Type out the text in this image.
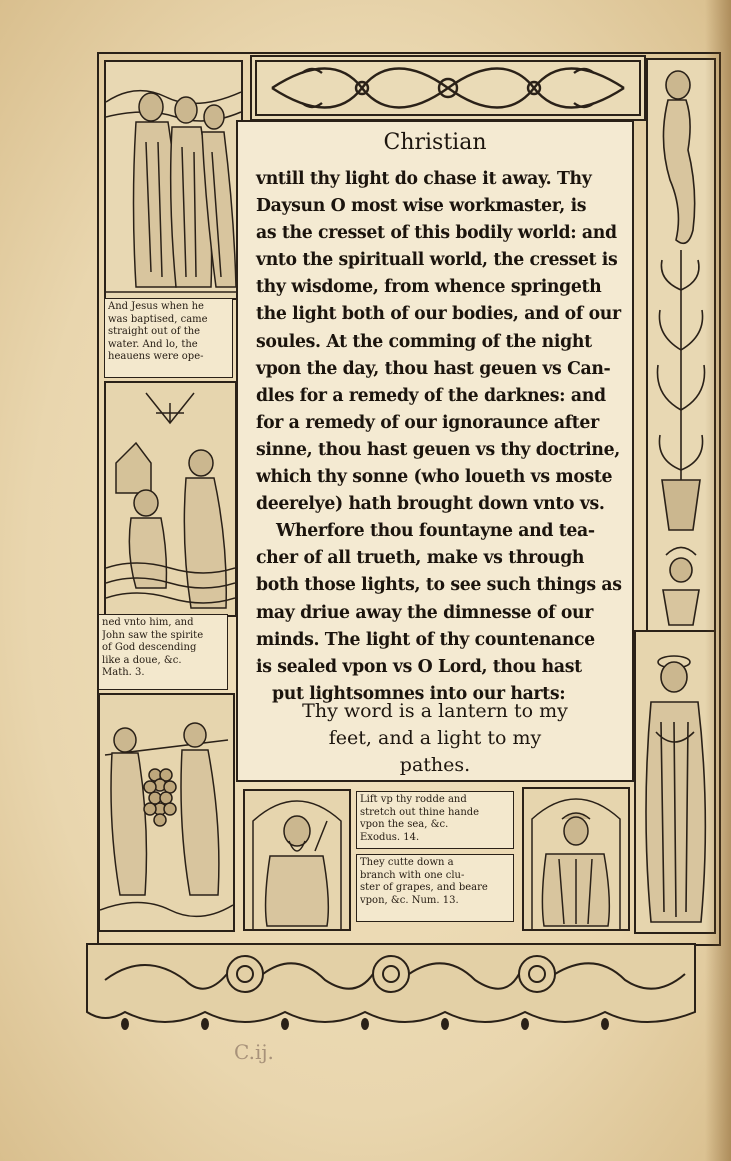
And Jesus when he
was baptised, came
straight out of the
water. And lo, the
heauens were ope-
ned vnto him, and
John saw the spirite
of God descending
like a doue, &c.
Math. 3.
Christian
vntill thy light do chase it away. Thy
Daysun O most wise workmaster, is
as the cresset of this bodily world: and
vnto the spirituall world, the cresset is
thy wisdome, from whence springeth
the light both of our bodies, and of our
soules. At the comming of the night
vpon the day, thou hast geuen vs Can-
dles for a remedy of the darknes: and
for a remedy of our ignoraunce after
sinne, thou hast geuen vs thy doctrine,
which thy sonne (who loueth vs moste
deerelye) hath brought down vnto vs.
Wherfore thou fountayne and tea-
cher of all trueth, make vs through
both those lights, to see such things as
may driue away the dimnesse of our
minds. The light of thy countenance
is sealed vpon vs O Lord, thou hast
put lightsomnes into our harts:
Thy word is a lantern to my
feet, and a light to my
pathes.
Lift vp thy rodde and
stretch out thine hande
vpon the sea, &c.
Exodus. 14.
They cutte down a
branch with one clu-
ster of grapes, and beare
vpon, &c. Num. 13.
C.ij.
